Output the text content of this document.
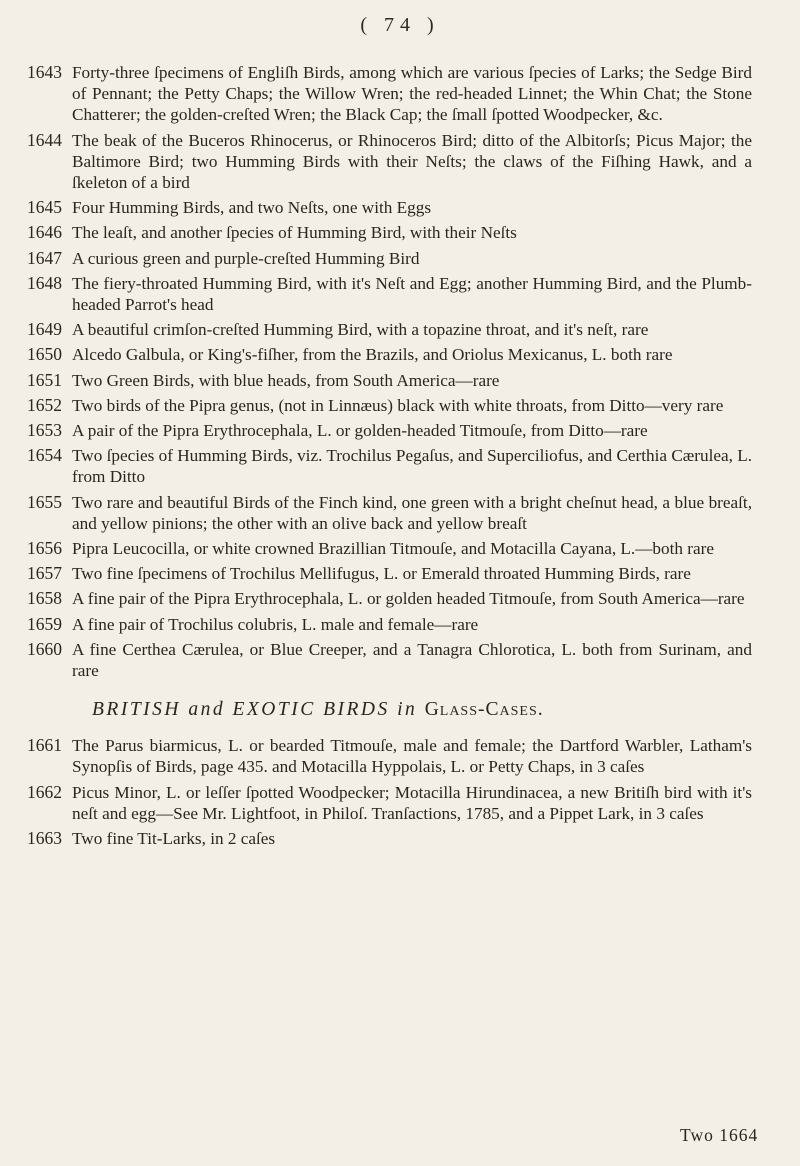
( 74 )
1643 Forty-three ſpecimens of Engliſh Birds, among which are various ſpecies of Larks; the Sedge Bird of Pennant; the Petty Chaps; the Willow Wren; the red-headed Linnet; the Whin Chat; the Stone Chatterer; the golden-creſted Wren; the Black Cap; the ſmall ſpotted Woodpecker, &c.
1644 The beak of the Buceros Rhinocerus, or Rhinoceros Bird; ditto of the Albitorſs; Picus Major; the Baltimore Bird; two Humming Birds with their Neſts; the claws of the Fiſhing Hawk, and a ſkeleton of a bird
1645 Four Humming Birds, and two Neſts, one with Eggs
1646 The leaſt, and another ſpecies of Humming Bird, with their Neſts
1647 A curious green and purple-creſted Humming Bird
1648 The fiery-throated Humming Bird, with it's Neſt and Egg; another Humming Bird, and the Plumb-headed Parrot's head
1649 A beautiful crimſon-creſted Humming Bird, with a topazine throat, and it's neſt, rare
1650 Alcedo Galbula, or King's-fiſher, from the Brazils, and Oriolus Mexicanus, L. both rare
1651 Two Green Birds, with blue heads, from South America—rare
1652 Two birds of the Pipra genus, (not in Linnæus) black with white throats, from Ditto—very rare
1653 A pair of the Pipra Erythrocephala, L. or golden-headed Titmouſe, from Ditto—rare
1654 Two ſpecies of Humming Birds, viz. Trochilus Pegaſus, and Superciliofus, and Certhia Cærulea, L. from Ditto
1655 Two rare and beautiful Birds of the Finch kind, one green with a bright cheſnut head, a blue breaſt, and yellow pinions; the other with an olive back and yellow breaſt
1656 Pipra Leucocilla, or white crowned Brazillian Titmouſe, and Motacilla Cayana, L.—both rare
1657 Two fine ſpecimens of Trochilus Mellifugus, L. or Emerald throated Humming Birds, rare
1658 A fine pair of the Pipra Erythrocephala, L. or golden headed Titmouſe, from South America—rare
1659 A fine pair of Trochilus colubris, L. male and female—rare
1660 A fine Certhea Cærulea, or Blue Creeper, and a Tanagra Chlorotica, L. both from Surinam, and rare
BRITISH and EXOTIC BIRDS in Glass-Cases.
1661 The Parus biarmicus, L. or bearded Titmouſe, male and female; the Dartford Warbler, Latham's Synopſis of Birds, page 435. and Motacilla Hyppolais, L. or Petty Chaps, in 3 caſes
1662 Picus Minor, L. or leſſer ſpotted Woodpecker; Motacilla Hirundinacea, a new Britiſh bird with it's neſt and egg—See Mr. Lightfoot, in Philoſ. Tranſactions, 1785, and a Pippet Lark, in 3 caſes
1663 Two fine Tit-Larks, in 2 caſes
Two 1664
